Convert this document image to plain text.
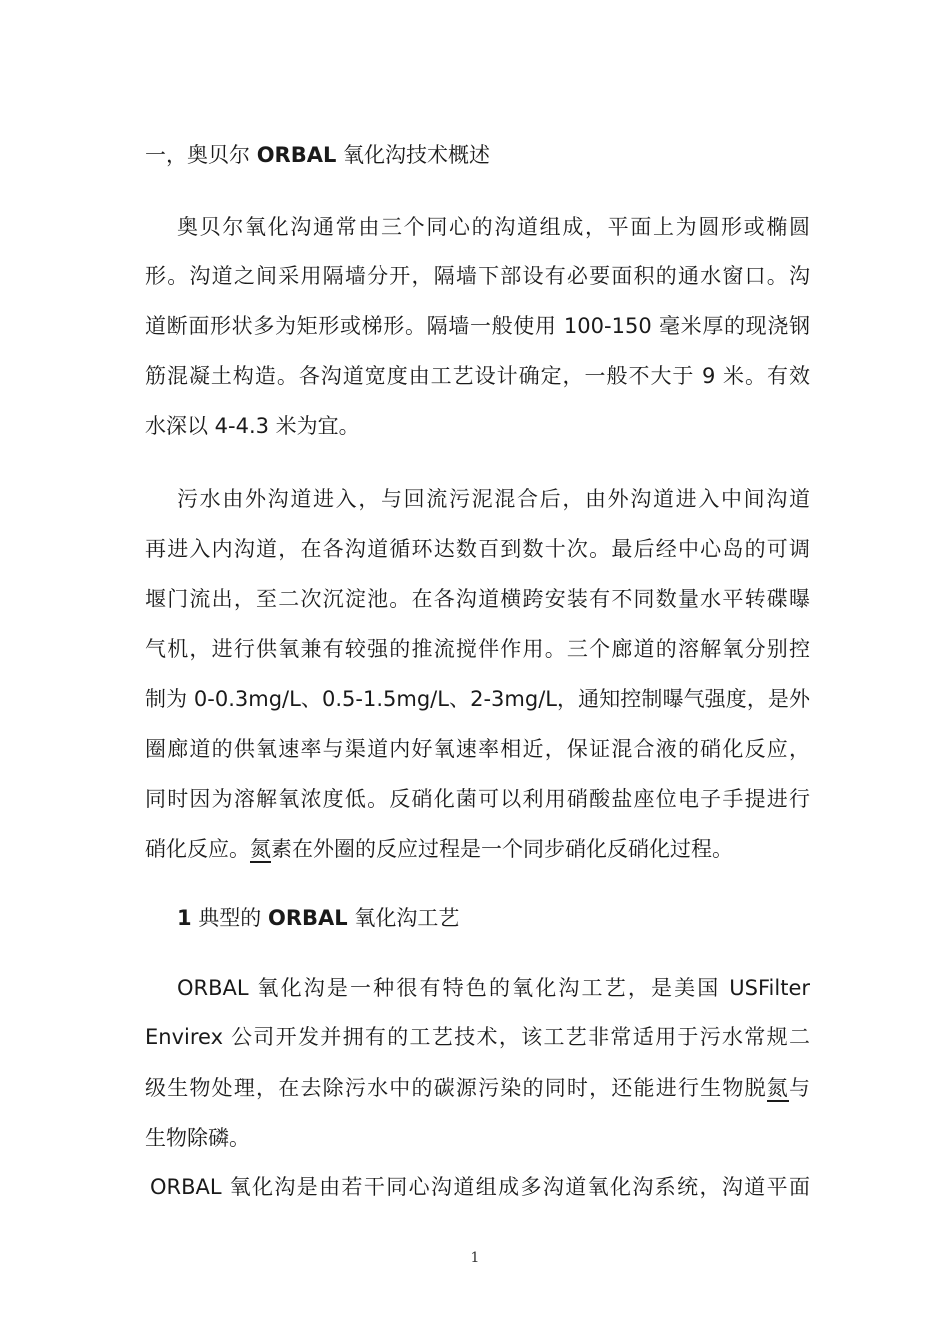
一，奥贝尔 ORBAL 氧化沟技术概述
奥贝尔氧化沟通常由三个同心的沟道组成，平面上为圆形或椭圆
形。沟道之间采用隔墙分开，隔墙下部设有必要面积的通水窗口。沟
道断面形状多为矩形或梯形。隔墙一般使用 100-150 毫米厚的现浇钢
筋混凝土构造。各沟道宽度由工艺设计确定，一般不大于 9 米。有效
水深以 4-4.3 米为宜。
污水由外沟道进入，与回流污泥混合后，由外沟道进入中间沟道
再进入内沟道，在各沟道循环达数百到数十次。最后经中心岛的可调
堰门流出，至二次沉淀池。在各沟道横跨安装有不同数量水平转碟曝
气机，进行供氧兼有较强的推流搅伴作用。三个廊道的溶解氧分别控
制为 0-0.3mg/L、0.5-1.5mg/L、2-3mg/L，通知控制曝气强度，是外
圈廊道的供氧速率与渠道内好氧速率相近，保证混合液的硝化反应，
同时因为溶解氧浓度低。反硝化菌可以利用硝酸盐座位电子手提进行
硝化反应。氮素在外圈的反应过程是一个同步硝化反硝化过程。
1 典型的 ORBAL 氧化沟工艺
ORBAL 氧化沟是一种很有特色的氧化沟工艺，是美国 USFilter
Envirex 公司开发并拥有的工艺技术，该工艺非常适用于污水常规二
级生物处理，在去除污水中的碳源污染的同时，还能进行生物脱氮与
生物除磷。
ORBAL 氧化沟是由若干同心沟道组成多沟道氧化沟系统，沟道平面
1
